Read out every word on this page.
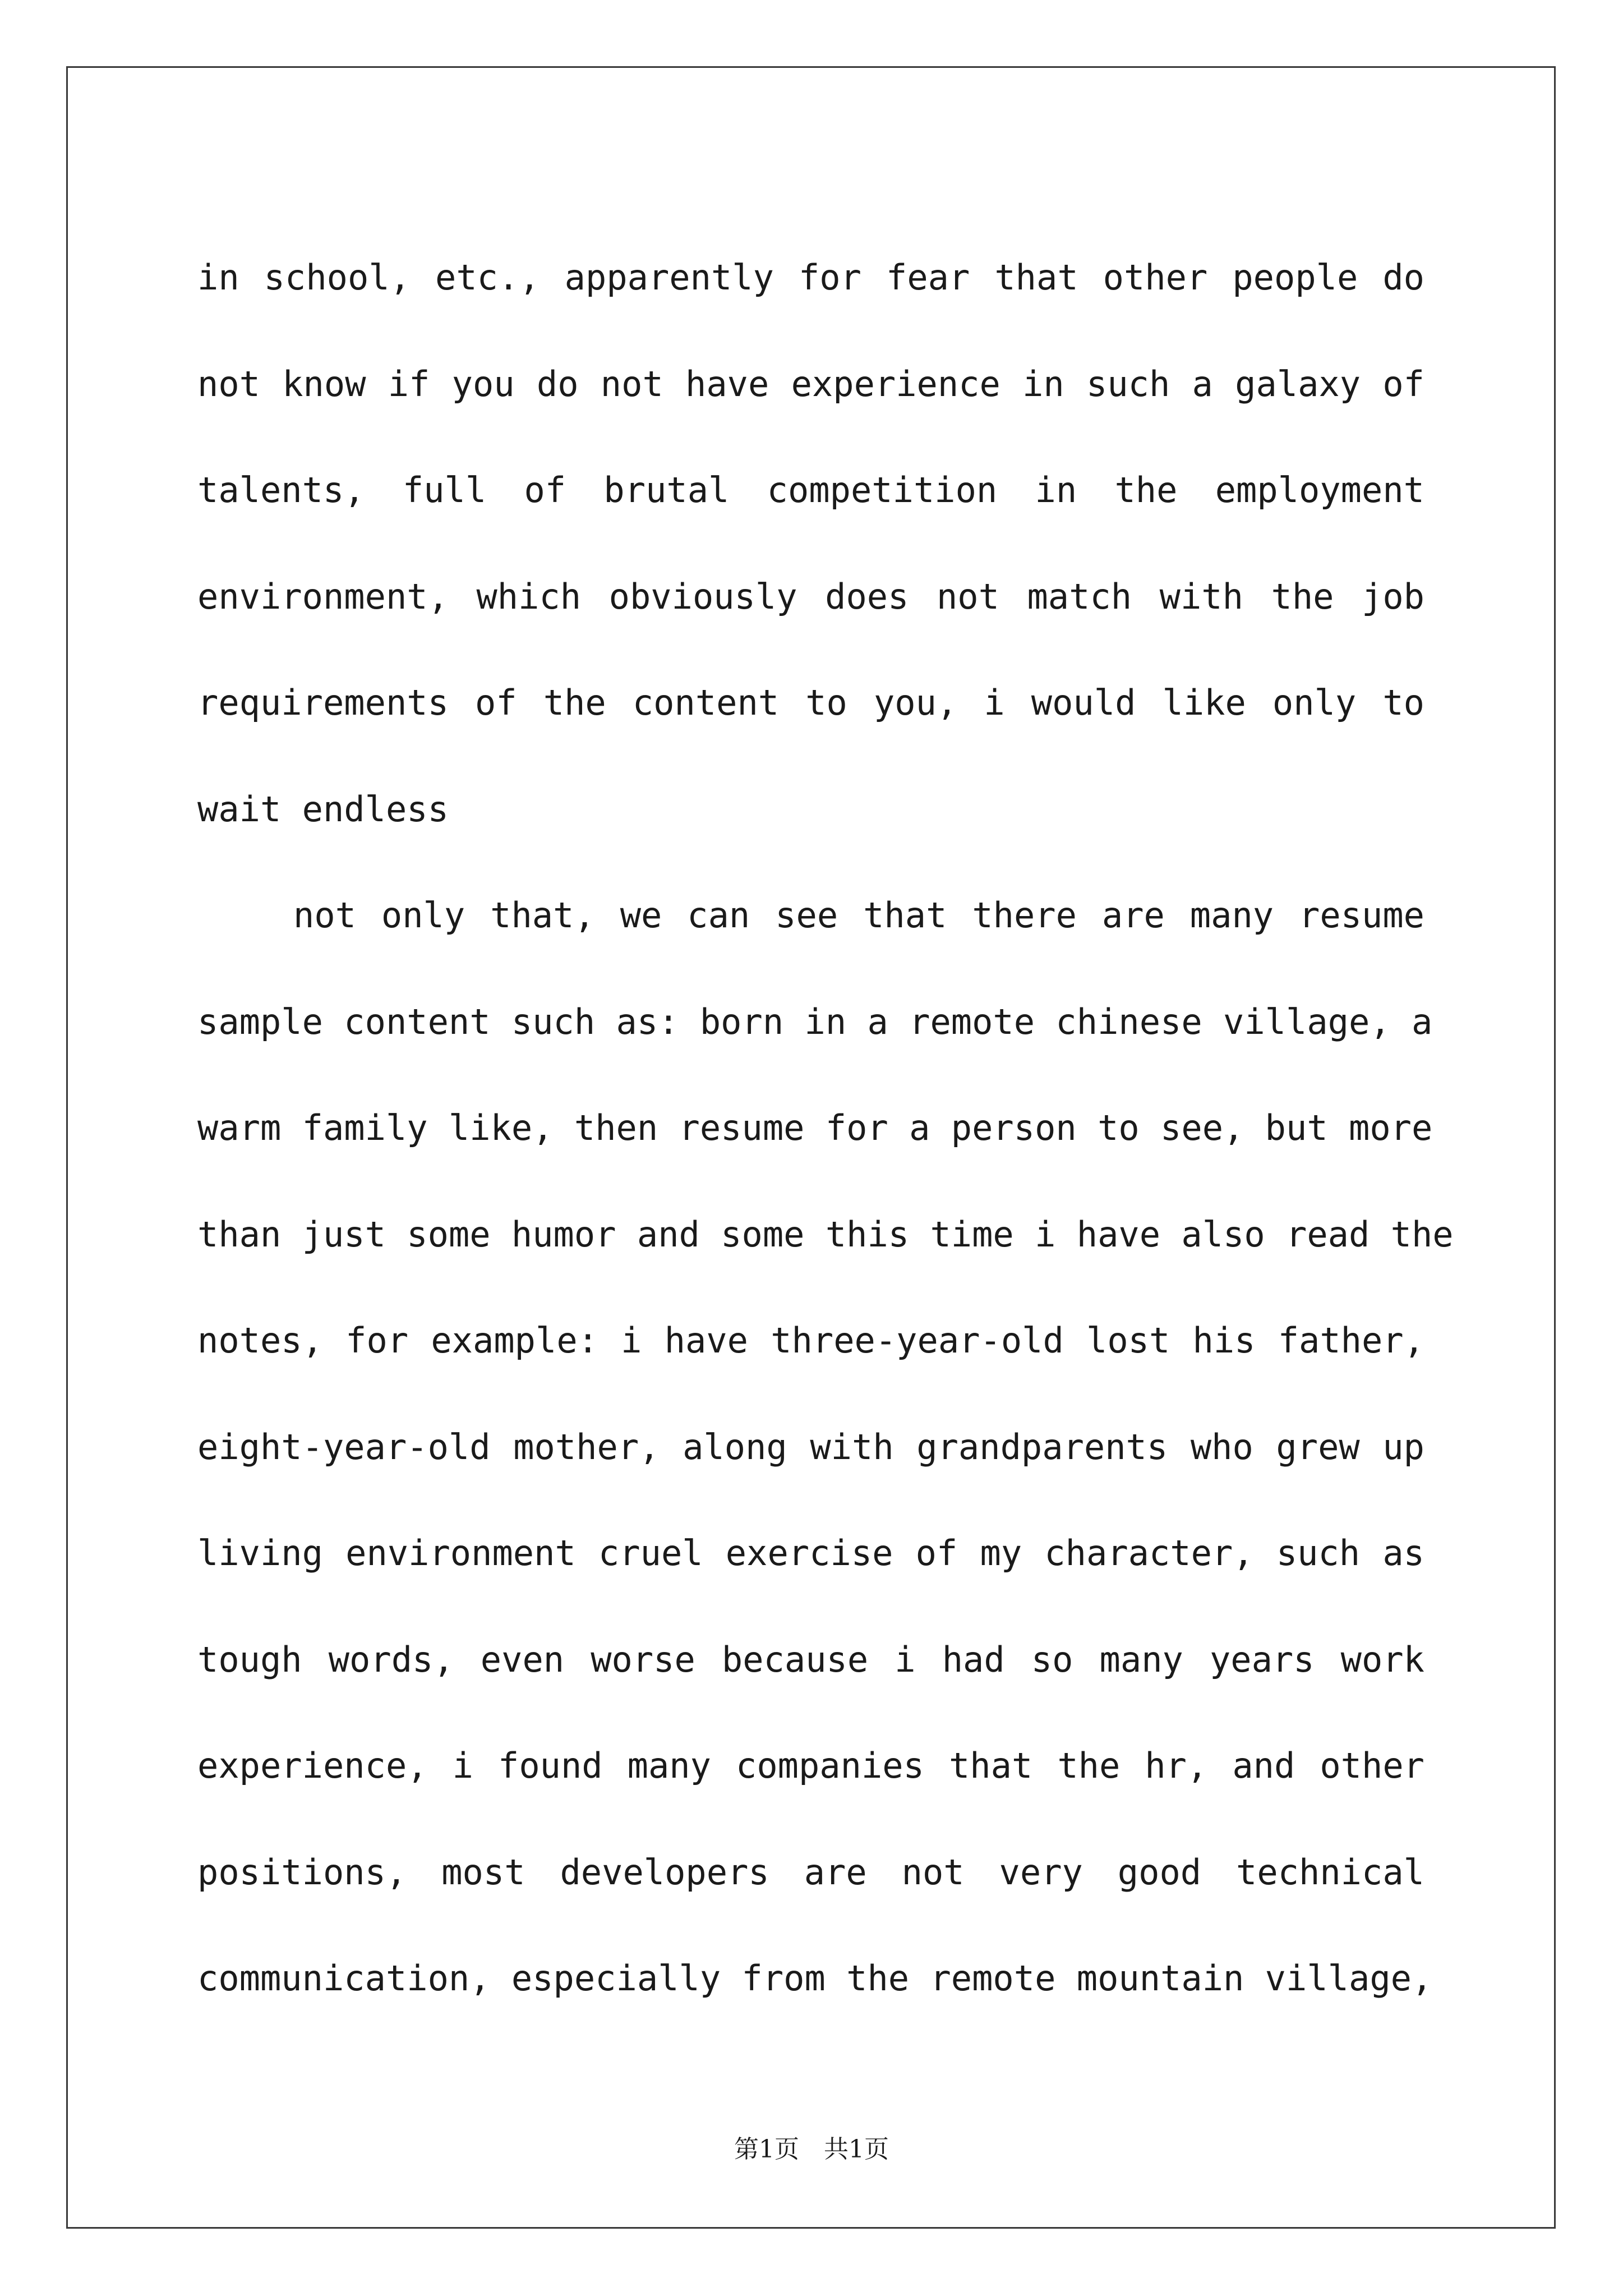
in school, etc., apparently for fear that other people do
not know if you do not have experience in such a galaxy of
talents, full of brutal competition in the employment
environment, which obviously does not match with the job
requirements of the content to you, i would like only to
wait endless
not only that, we can see that there are many resume
sample content such as: born in a remote chinese village, a
warm family like, then resume for a person to see, but more
than just some humor and some this time i have also read the
notes, for example: i have three-year-old lost his father,
eight-year-old mother, along with grandparents who grew up
living environment cruel exercise of my character, such as
tough words, even worse because i had so many years work
experience, i found many companies that the hr, and other
positions, most developers are not very good technical
communication, especially from the remote mountain village,
第1页　共1页
